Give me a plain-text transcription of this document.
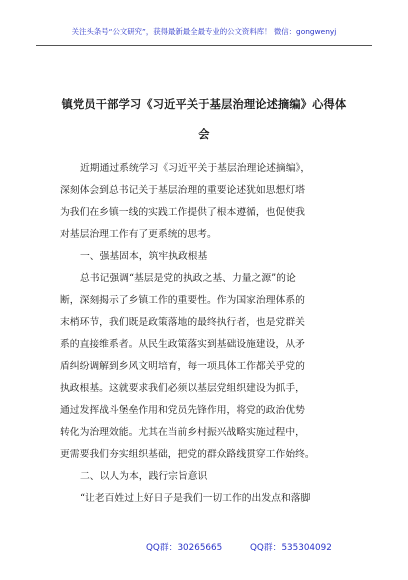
关注头条号“公文研究”，获得最新最全最专业的公文资料库！ 微信：gongwenyj
镇党员干部学习《习近平关于基层治理论述摘编》心得体
会
近期通过系统学习《习近平关于基层治理论述摘编》，
深刻体会到总书记关于基层治理的重要论述犹如思想灯塔
为我们在乡镇一线的实践工作提供了根本遵循，也促使我
对基层治理工作有了更系统的思考。
一、强基固本，筑牢执政根基
总书记强调“基层是党的执政之基、力量之源”的论
断，深刻揭示了乡镇工作的重要性。作为国家治理体系的
末梢环节，我们既是政策落地的最终执行者，也是党群关
系的直接维系者。从民生政策落实到基础设施建设，从矛
盾纠纷调解到乡风文明培育，每一项具体工作都关乎党的
执政根基。这就要求我们必须以基层党组织建设为抓手，
通过发挥战斗堡垒作用和党员先锋作用，将党的政治优势
转化为治理效能。尤其在当前乡村振兴战略实施过程中，
更需要我们夯实组织基础，把党的群众路线贯穿工作始终。
二、以人为本，践行宗旨意识
“让老百姓过上好日子是我们一切工作的出发点和落脚
QQ群：30265665	QQ群：535304092
